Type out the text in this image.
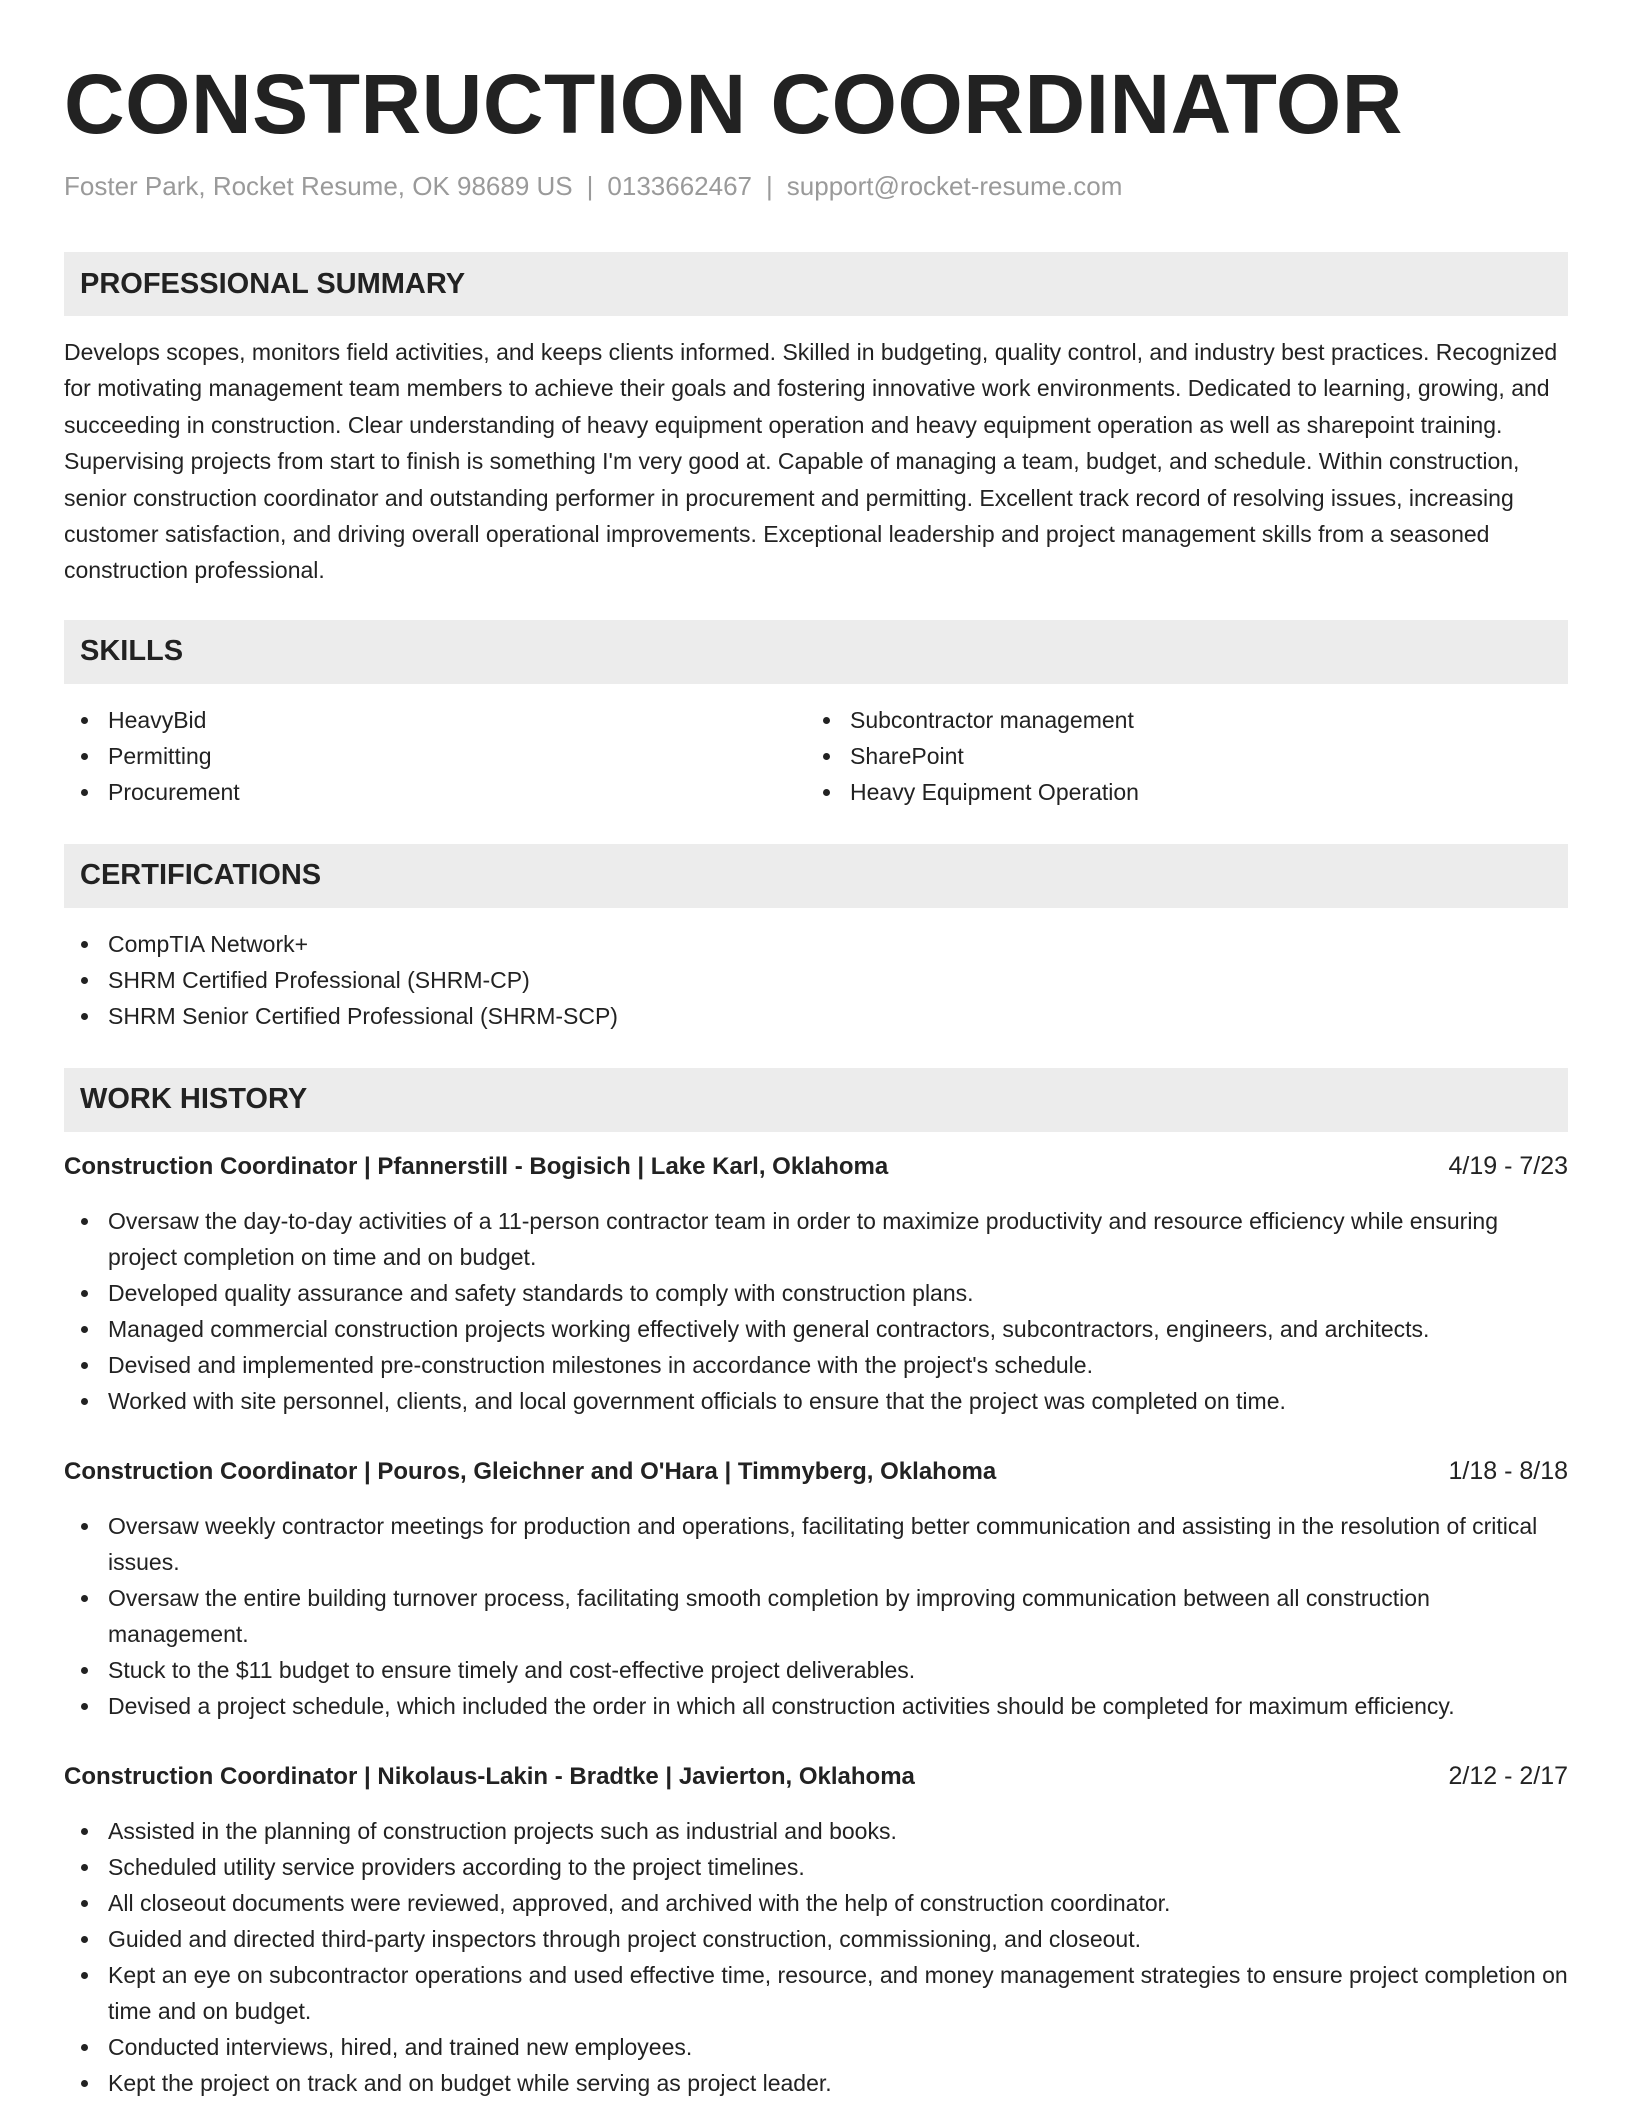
CONSTRUCTION COORDINATOR
Foster Park, Rocket Resume, OK 98689 US | 0133662467 | support@rocket-resume.com
PROFESSIONAL SUMMARY
Develops scopes, monitors field activities, and keeps clients informed. Skilled in budgeting, quality control, and industry best practices. Recognized for motivating management team members to achieve their goals and fostering innovative work environments. Dedicated to learning, growing, and succeeding in construction. Clear understanding of heavy equipment operation and heavy equipment operation as well as sharepoint training. Supervising projects from start to finish is something I'm very good at. Capable of managing a team, budget, and schedule. Within construction, senior construction coordinator and outstanding performer in procurement and permitting. Excellent track record of resolving issues, increasing customer satisfaction, and driving overall operational improvements. Exceptional leadership and project management skills from a seasoned construction professional.
SKILLS
HeavyBid
Permitting
Procurement
Subcontractor management
SharePoint
Heavy Equipment Operation
CERTIFICATIONS
CompTIA Network+
SHRM Certified Professional (SHRM-CP)
SHRM Senior Certified Professional (SHRM-SCP)
WORK HISTORY
Construction Coordinator | Pfannerstill - Bogisich | Lake Karl, Oklahoma	4/19 - 7/23
Oversaw the day-to-day activities of a 11-person contractor team in order to maximize productivity and resource efficiency while ensuring project completion on time and on budget.
Developed quality assurance and safety standards to comply with construction plans.
Managed commercial construction projects working effectively with general contractors, subcontractors, engineers, and architects.
Devised and implemented pre-construction milestones in accordance with the project's schedule.
Worked with site personnel, clients, and local government officials to ensure that the project was completed on time.
Construction Coordinator | Pouros, Gleichner and O'Hara | Timmyberg, Oklahoma	1/18 - 8/18
Oversaw weekly contractor meetings for production and operations, facilitating better communication and assisting in the resolution of critical issues.
Oversaw the entire building turnover process, facilitating smooth completion by improving communication between all construction management.
Stuck to the $11 budget to ensure timely and cost-effective project deliverables.
Devised a project schedule, which included the order in which all construction activities should be completed for maximum efficiency.
Construction Coordinator | Nikolaus-Lakin - Bradtke | Javierton, Oklahoma	2/12 - 2/17
Assisted in the planning of construction projects such as industrial and books.
Scheduled utility service providers according to the project timelines.
All closeout documents were reviewed, approved, and archived with the help of construction coordinator.
Guided and directed third-party inspectors through project construction, commissioning, and closeout.
Kept an eye on subcontractor operations and used effective time, resource, and money management strategies to ensure project completion on time and on budget.
Conducted interviews, hired, and trained new employees.
Kept the project on track and on budget while serving as project leader.
